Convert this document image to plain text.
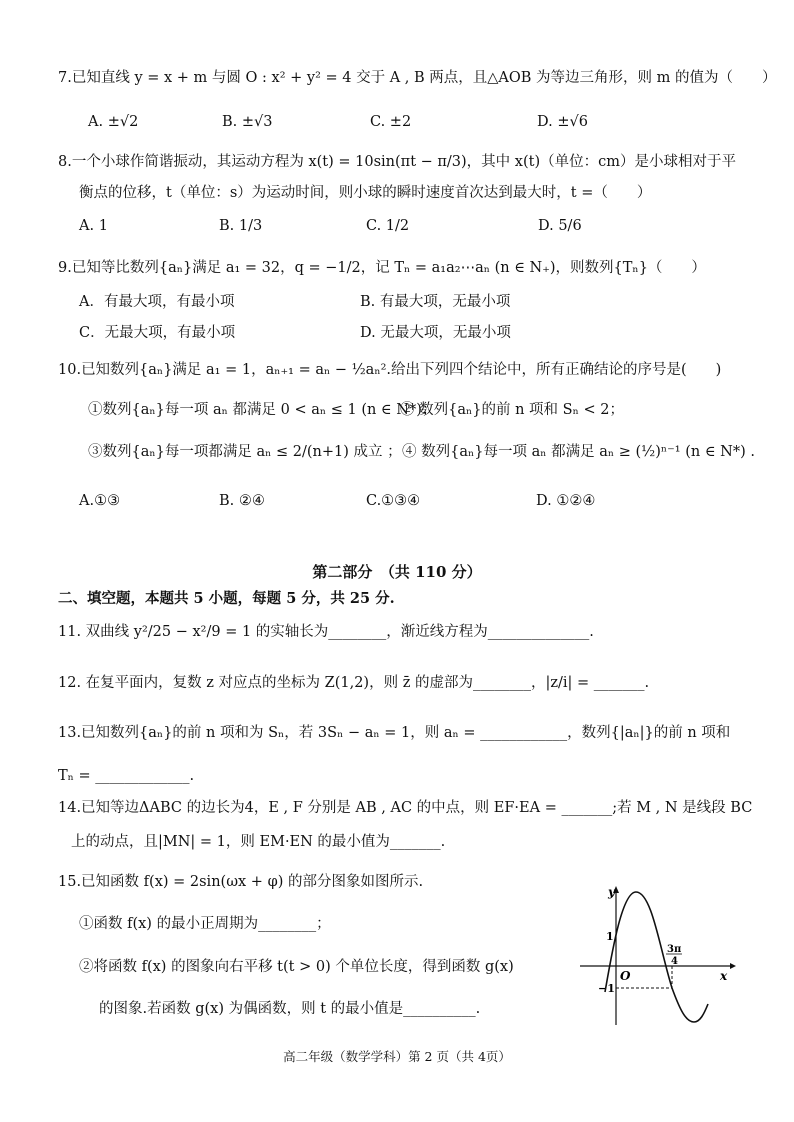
7.已知直线 y = x + m 与圆 O : x² + y² = 4 交于 A , B 两点，且△AOB 为等边三角形，则 m 的值为（　　）
A. ±√2	B. ±√3	C. ±2	D. ±√6
8.一个小球作简谐振动，其运动方程为 x(t) = 10sin(πt − π/3)，其中 x(t)（单位：cm）是小球相对于平
衡点的位移，t（单位：s）为运动时间，则小球的瞬时速度首次达到最大时，t =（　　）
A. 1	B. 1/3	C. 1/2	D. 5/6
9.已知等比数列{aₙ}满足 a₁ = 32，q = −1/2，记 Tₙ = a₁a₂⋯aₙ (n ∈ N₊)，则数列{Tₙ}（　　）
A．有最大项，有最小项	B. 有最大项，无最小项
C．无最大项，有最小项	D. 无最大项，无最小项
10.已知数列{aₙ}满足 a₁ = 1，aₙ₊₁ = aₙ − ½aₙ².给出下列四个结论中，所有正确结论的序号是(　　)
①数列{aₙ}每一项 aₙ 都满足 0 < aₙ ≤ 1 (n ∈ N*)；
② 数列{aₙ}的前 n 项和 Sₙ < 2；
③数列{aₙ}每一项都满足 aₙ ≤ 2/(n+1) 成立 ； ④ 数列{aₙ}每一项 aₙ 都满足 aₙ ≥ (½)ⁿ⁻¹ (n ∈ N*) .
A.①③	B. ②④	C.①③④	D. ①②④
第二部分　（共 110 分）
二、填空题，本题共 5 小题，每题 5 分，共 25 分.
11. 双曲线 y²/25 − x²/9 = 1 的实轴长为________，渐近线方程为______________.
12. 在复平面内，复数 z 对应点的坐标为 Z(1,2)，则 z̄ 的虚部为________，|z/i| = _______.
13.已知数列{aₙ}的前 n 项和为 Sₙ，若 3Sₙ − aₙ = 1，则 aₙ = ____________，数列{|aₙ|}的前 n 项和
Tₙ = _____________.
14.已知等边ΔABC 的边长为4，E , F 分别是 AB , AC 的中点，则 EF·EA = _______;若 M , N 是线段 BC
上的动点，且|MN| = 1，则 EM·EN 的最小值为_______.
15.已知函数 f(x) = 2sin(ωx + φ) 的部分图象如图所示.
①函数 f(x) 的最小正周期为________；
②将函数 f(x) 的图象向右平移 t(t > 0) 个单位长度，得到函数 g(x)
的图象.若函数 g(x) 为偶函数，则 t 的最小值是__________.
y
x
O
1
−1
3π
4
高二年级（数学学科）第 2 页（共 4页）
